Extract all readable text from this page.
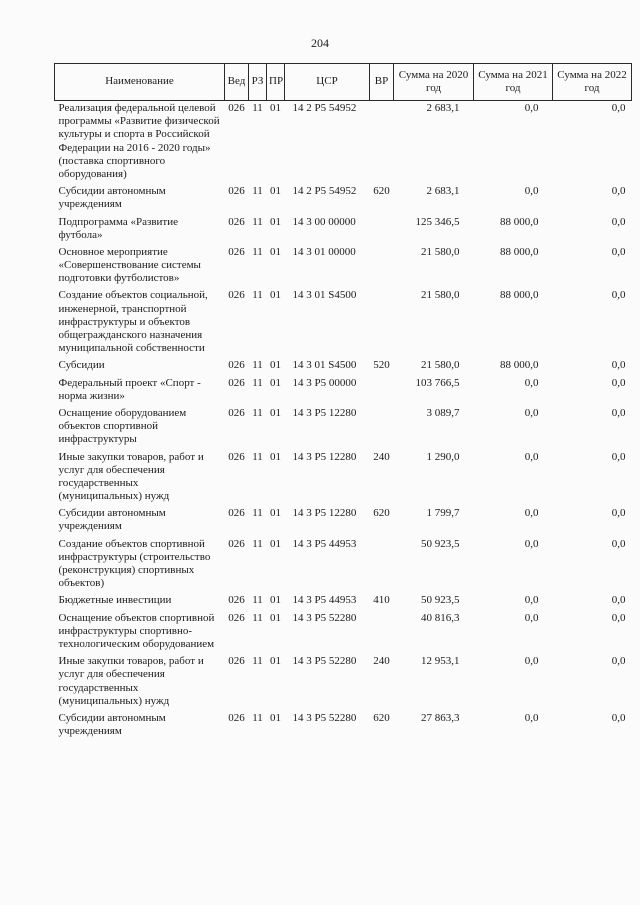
204
Наименование	Вед	РЗ	ПР	ЦСР	ВР	Сумма на 2020 год	Сумма на 2021 год	Сумма на 2022 год
Реализация федеральной целевой программы «Развитие физической культуры и спорта в Российской Федерации на 2016 - 2020 годы» (поставка спортивного оборудования)	026	11	01	14 2 P5 54952		2 683,1	0,0	0,0
Субсидии автономным учреждениям	026	11	01	14 2 P5 54952	620	2 683,1	0,0	0,0
Подпрограмма «Развитие футбола»	026	11	01	14 3 00 00000		125 346,5	88 000,0	0,0
Основное мероприятие «Совершенствование системы подготовки футболистов»	026	11	01	14 3 01 00000		21 580,0	88 000,0	0,0
Создание объектов социальной, инженерной, транспортной инфраструктуры и объектов общегражданского назначения муниципальной собственности	026	11	01	14 3 01 S4500		21 580,0	88 000,0	0,0
Субсидии	026	11	01	14 3 01 S4500	520	21 580,0	88 000,0	0,0
Федеральный проект «Спорт - норма жизни»	026	11	01	14 3 P5 00000		103 766,5	0,0	0,0
Оснащение оборудованием объектов спортивной инфраструктуры	026	11	01	14 3 P5 12280		3 089,7	0,0	0,0
Иные закупки товаров, работ и услуг для обеспечения государственных (муниципальных) нужд	026	11	01	14 3 P5 12280	240	1 290,0	0,0	0,0
Субсидии автономным учреждениям	026	11	01	14 3 P5 12280	620	1 799,7	0,0	0,0
Создание объектов спортивной инфраструктуры (строительство (реконструкция) спортивных объектов)	026	11	01	14 3 P5 44953		50 923,5	0,0	0,0
Бюджетные инвестиции	026	11	01	14 3 P5 44953	410	50 923,5	0,0	0,0
Оснащение объектов спортивной инфраструктуры спортивно-технологическим оборудованием	026	11	01	14 3 P5 52280		40 816,3	0,0	0,0
Иные закупки товаров, работ и услуг для обеспечения государственных (муниципальных) нужд	026	11	01	14 3 P5 52280	240	12 953,1	0,0	0,0
Субсидии автономным учреждениям	026	11	01	14 3 P5 52280	620	27 863,3	0,0	0,0
